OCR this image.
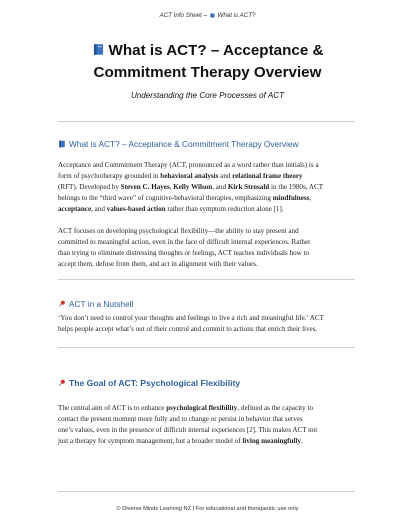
ACT Info Sheet – What is ACT?
What is ACT? – Acceptance &
Commitment Therapy Overview
Understanding the Core Processes of ACT
What is ACT? – Acceptance & Commitment Therapy Overview
Acceptance and Commitment Therapy (ACT, pronounced as a word rather than initials) is a
form of psychotherapy grounded in behavioral analysis and relational frame theory
(RFT). Developed by Steven C. Hayes, Kelly Wilson, and Kirk Strosahl in the 1980s, ACT
belongs to the “third wave” of cognitive-behavioral therapies, emphasizing mindfulness,
acceptance, and values-based action rather than symptom reduction alone [1].
ACT focuses on developing psychological flexibility—the ability to stay present and
committed to meaningful action, even in the face of difficult internal experiences. Rather
than trying to eliminate distressing thoughts or feelings, ACT teaches individuals how to
accept them, defuse from them, and act in alignment with their values.
ACT in a Nutshell
‘You don’t need to control your thoughts and feelings to live a rich and meaningful life.’ ACT
helps people accept what’s out of their control and commit to actions that enrich their lives.
The Goal of ACT: Psychological Flexibility
The central aim of ACT is to enhance psychological flexibility, defined as the capacity to
contact the present moment more fully and to change or persist in behavior that serves
one’s values, even in the presence of difficult internal experiences [2]. This makes ACT not
just a therapy for symptom management, but a broader model of living meaningfully.
© Diverse Minds Learning NZ | For educational and therapeutic use only
